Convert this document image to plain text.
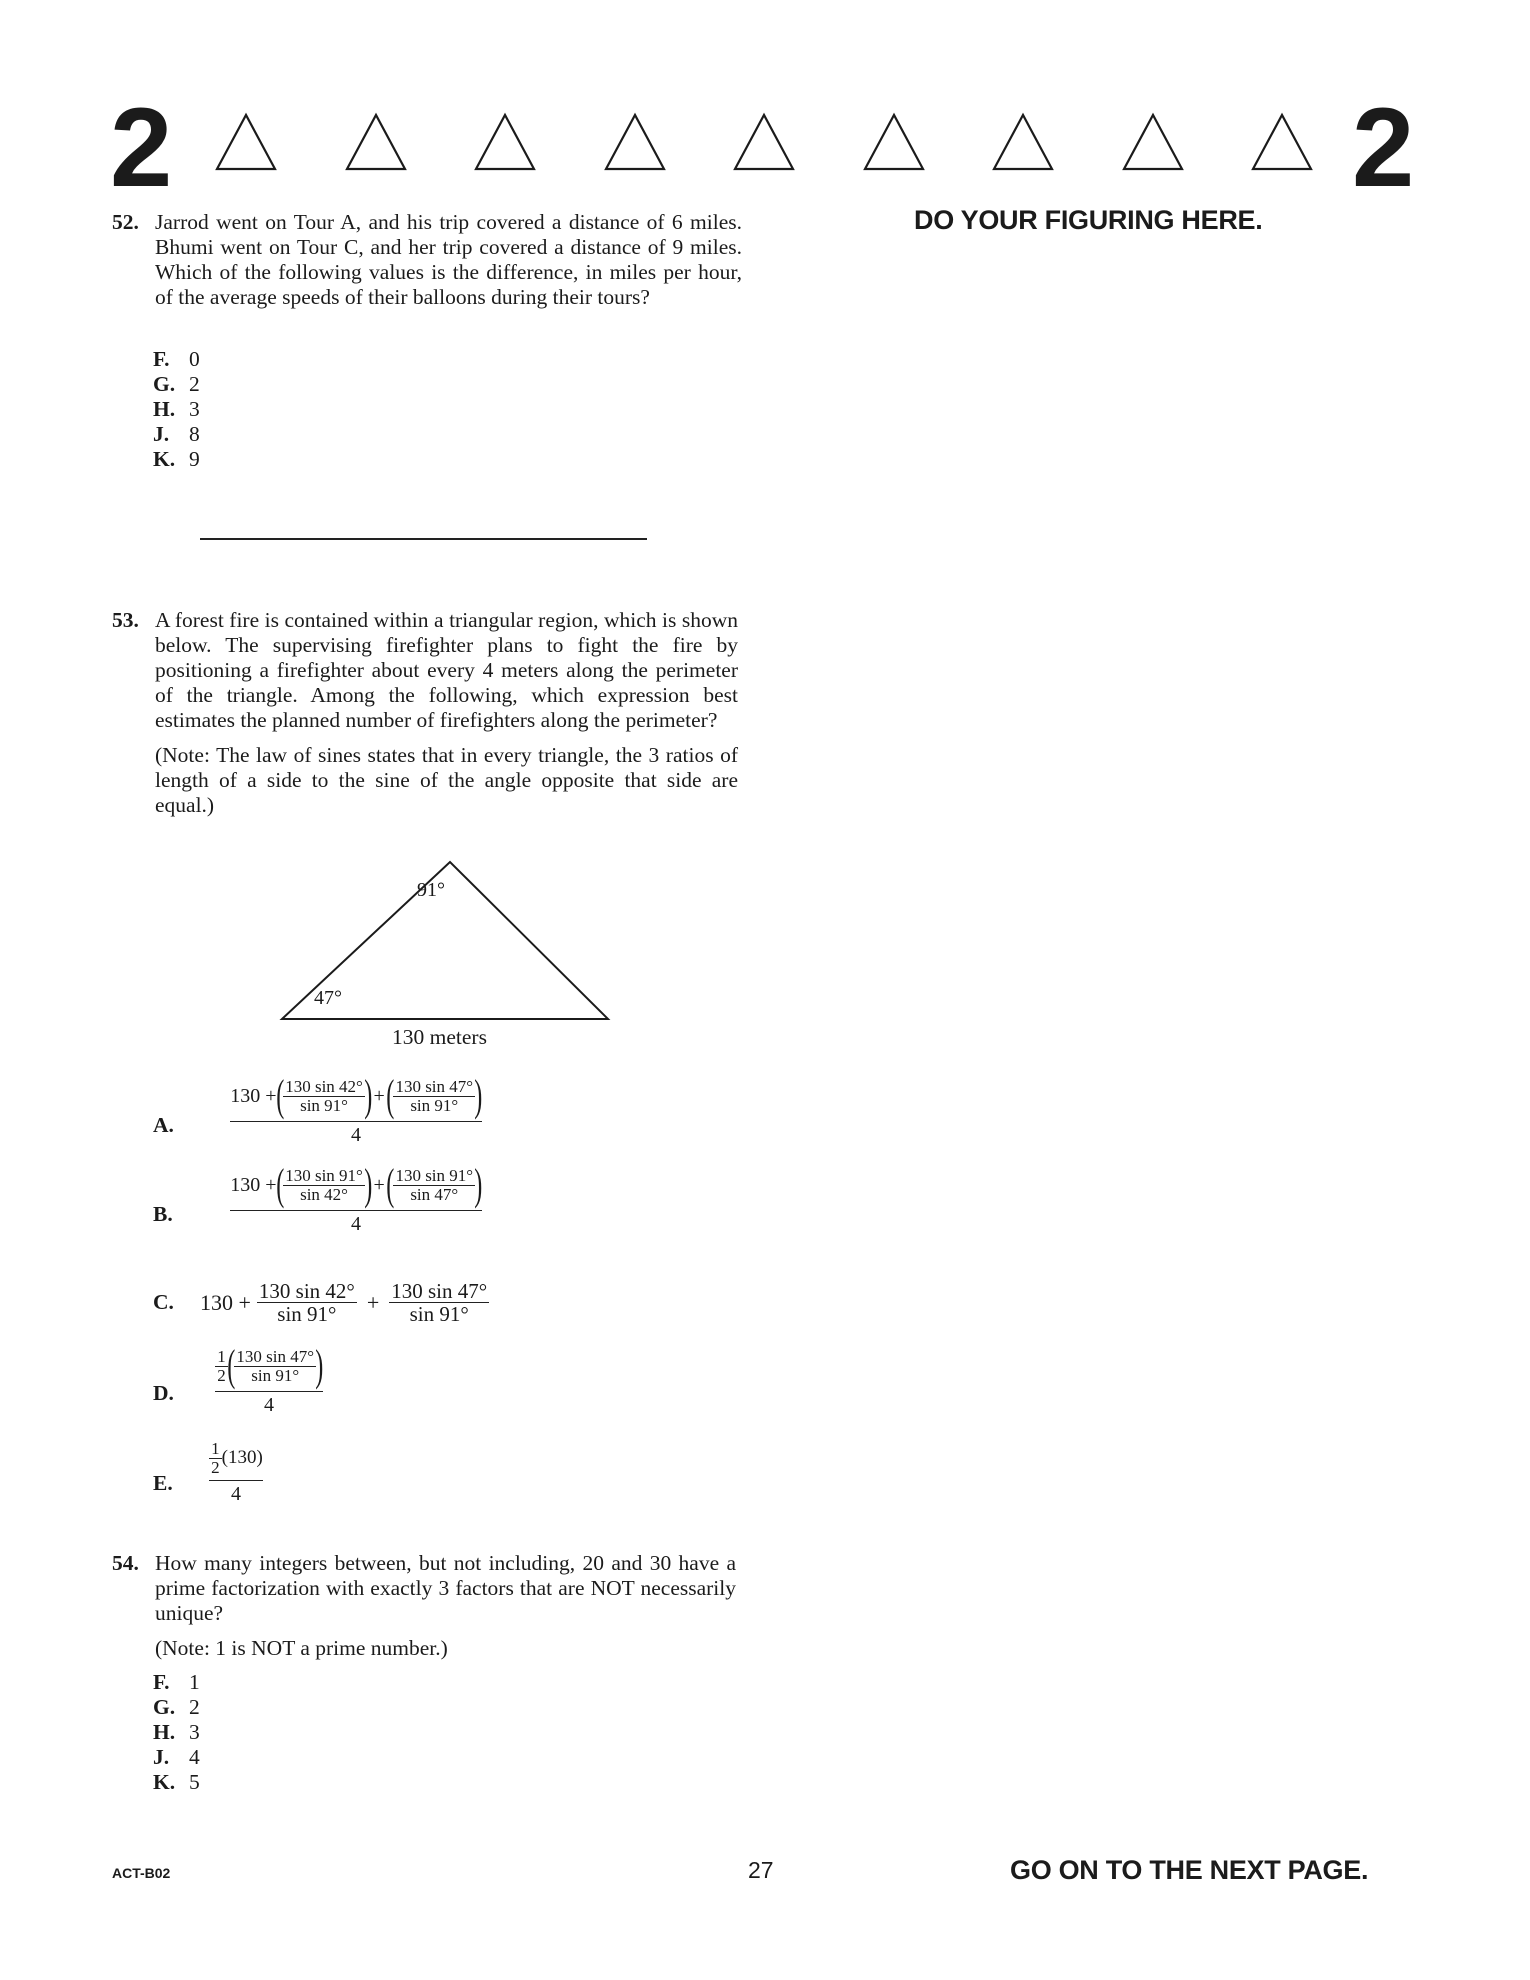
2	2
DO YOUR FIGURING HERE.
52. Jarrod went on Tour A, and his trip covered a distance of 6 miles. Bhumi went on Tour C, and her trip covered a distance of 9 miles. Which of the following values is the difference, in miles per hour, of the average speeds of their balloons during their tours?
F. 0
G. 2
H. 3
J. 8
K. 9
53. A forest fire is contained within a triangular region, which is shown below. The supervising firefighter plans to fight the fire by positioning a firefighter about every 4 meters along the perimeter of the triangle. Among the following, which expression best estimates the planned number of firefighters along the perimeter?
(Note: The law of sines states that in every triangle, the 3 ratios of length of a side to the sine of the angle opposite that side are equal.)
91°
47°
130 meters
A.
130 + ( $\frac{130 \sin 42^\circ}{\sin 91^\circ}$ ) + ( $\frac{130 \sin 47^\circ}{\sin 91^\circ}$ )
4
B.
130 + ( $\frac{130 \sin 91^\circ}{\sin 42^\circ}$ ) + ( $\frac{130 \sin 91^\circ}{\sin 47^\circ}$ )
4
C. $130 + \frac{130 \sin 42^\circ}{\sin 91^\circ} + \frac{130 \sin 47^\circ}{\sin 91^\circ}$
D. $\frac{\frac{1}{2} ( \frac{130 \sin 47^\circ}{\sin 91^\circ} )}{4}$
E. $\frac{\frac{1}{2} (130)}{4}$
54. How many integers between, but not including, 20 and 30 have a prime factorization with exactly 3 factors that are NOT necessarily unique?
(Note: 1 is NOT a prime number.)
F. 1
G. 2
H. 3
J. 4
K. 5
ACT-B02	27	GO ON TO THE NEXT PAGE.
